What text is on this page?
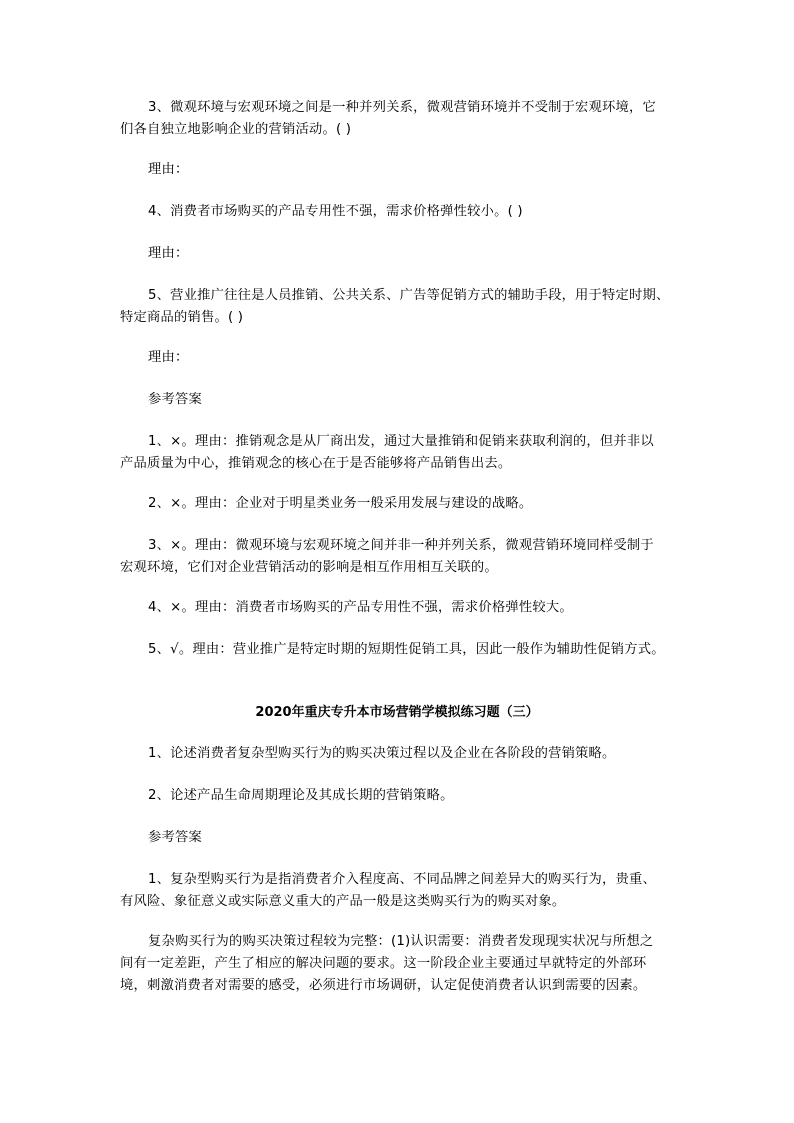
3、微观环境与宏观环境之间是一种并列关系，微观营销环境并不受制于宏观环境，它
们各自独立地影响企业的营销活动。( )
理由：
4、消费者市场购买的产品专用性不强，需求价格弹性较小。( )
理由：
5、营业推广往往是人员推销、公共关系、广告等促销方式的辅助手段，用于特定时期、
特定商品的销售。( )
理由：
参考答案
1、×。理由：推销观念是从厂商出发，通过大量推销和促销来获取利润的，但并非以
产品质量为中心，推销观念的核心在于是否能够将产品销售出去。
2、×。理由：企业对于明星类业务一般采用发展与建设的战略。
3、×。理由：微观环境与宏观环境之间并非一种并列关系，微观营销环境同样受制于
宏观环境，它们对企业营销活动的影响是相互作用相互关联的。
4、×。理由：消费者市场购买的产品专用性不强，需求价格弹性较大。
5、√。理由：营业推广是特定时期的短期性促销工具，因此一般作为辅助性促销方式。
2020年重庆专升本市场营销学模拟练习题（三）
1、论述消费者复杂型购买行为的购买决策过程以及企业在各阶段的营销策略。
2、论述产品生命周期理论及其成长期的营销策略。
参考答案
1、复杂型购买行为是指消费者介入程度高、不同品牌之间差异大的购买行为，贵重、
有风险、象征意义或实际意义重大的产品一般是这类购买行为的购买对象。
复杂购买行为的购买决策过程较为完整：(1)认识需要：消费者发现现实状况与所想之
间有一定差距，产生了相应的解决问题的要求。这一阶段企业主要通过早就特定的外部环
境，刺激消费者对需要的感受，必须进行市场调研，认定促使消费者认识到需要的因素。
